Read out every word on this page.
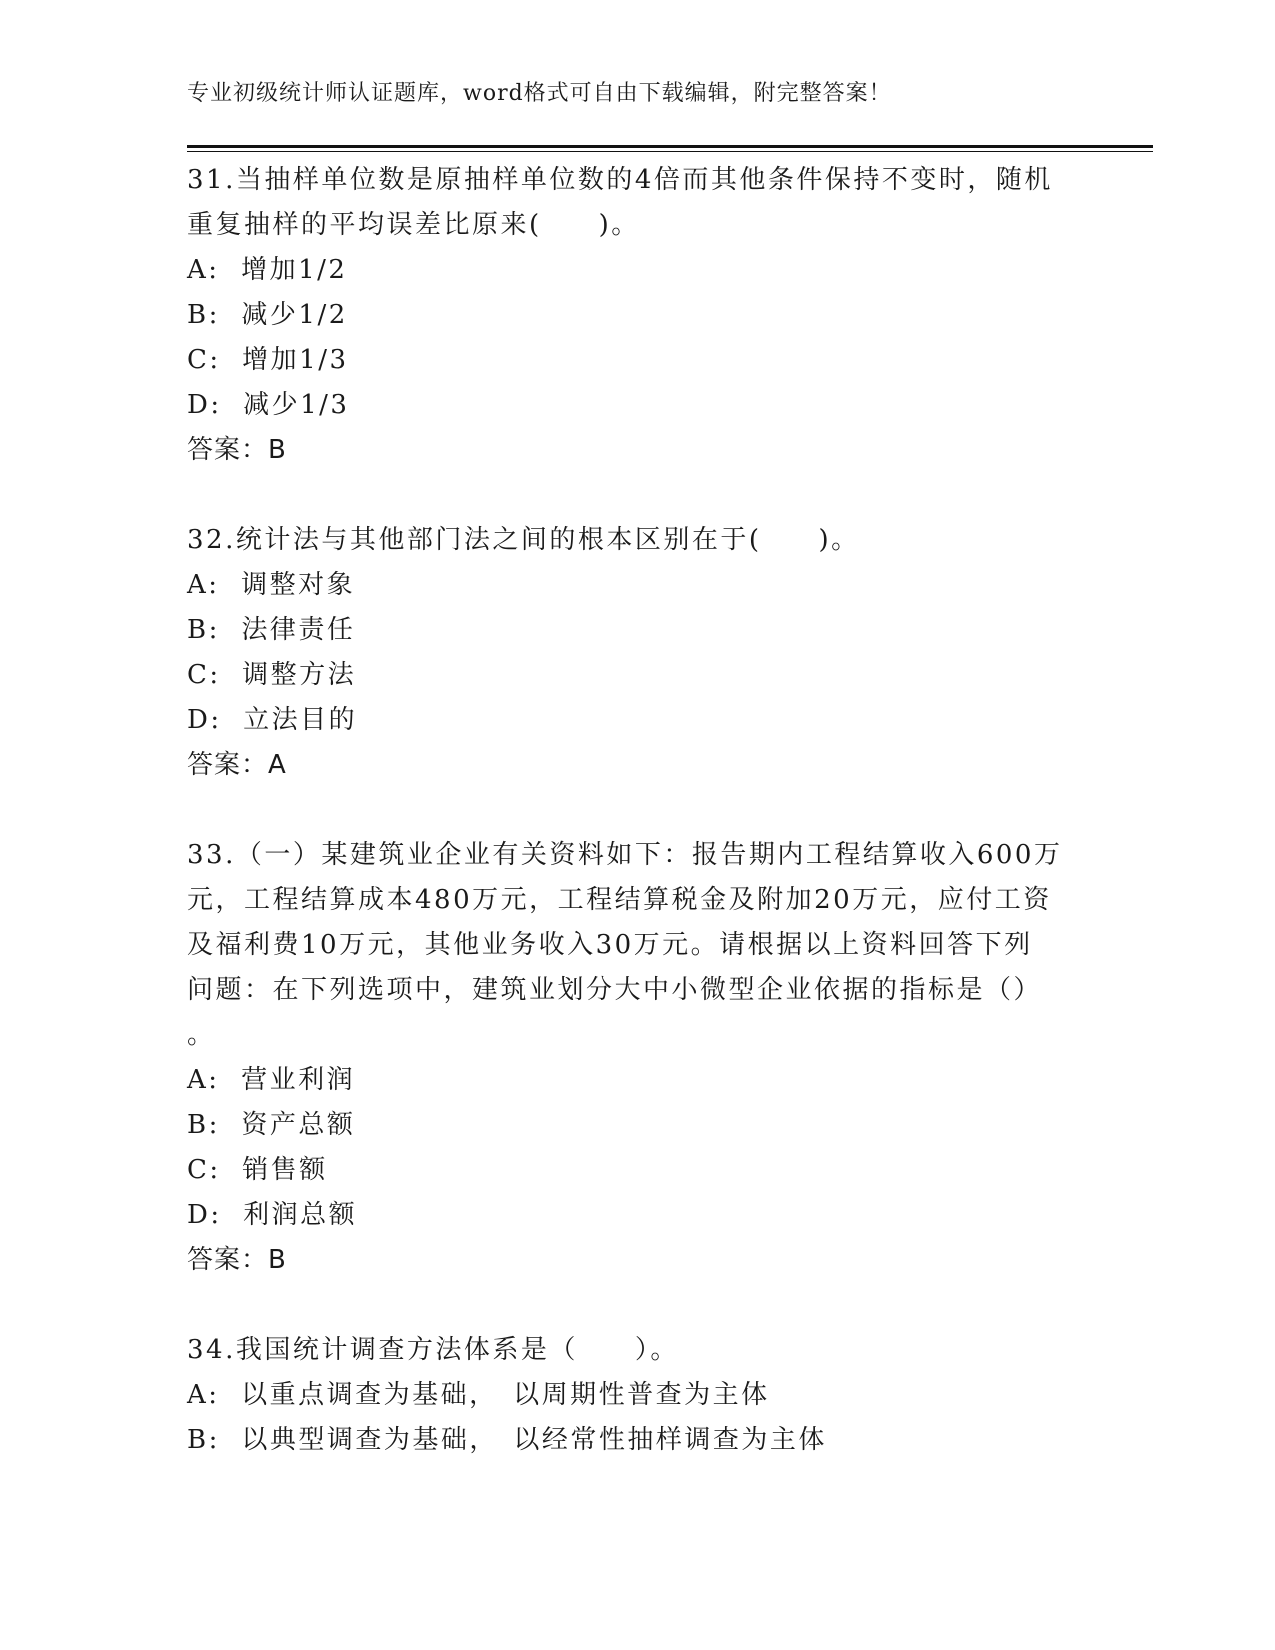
专业初级统计师认证题库，word格式可自由下载编辑，附完整答案！
31.当抽样单位数是原抽样单位数的4倍而其他条件保持不变时，随机
重复抽样的平均误差比原来(　　)。
A:  增加1/2
B:  减少1/2
C:  增加1/3
D:  减少1/3
答案：B
32.统计法与其他部门法之间的根本区别在于(　　)。
A:  调整对象
B:  法律责任
C:  调整方法
D:  立法目的
答案：A
33.（一）某建筑业企业有关资料如下：报告期内工程结算收入600万
元，工程结算成本480万元，工程结算税金及附加20万元，应付工资
及福利费10万元，其他业务收入30万元。请根据以上资料回答下列
问题：在下列选项中，建筑业划分大中小微型企业依据的指标是（）
。
A:  营业利润
B:  资产总额
C:  销售额
D:  利润总额
答案：B
34.我国统计调查方法体系是（　　）。
A:  以重点调查为基础，　以周期性普查为主体
B:  以典型调查为基础，　以经常性抽样调查为主体
